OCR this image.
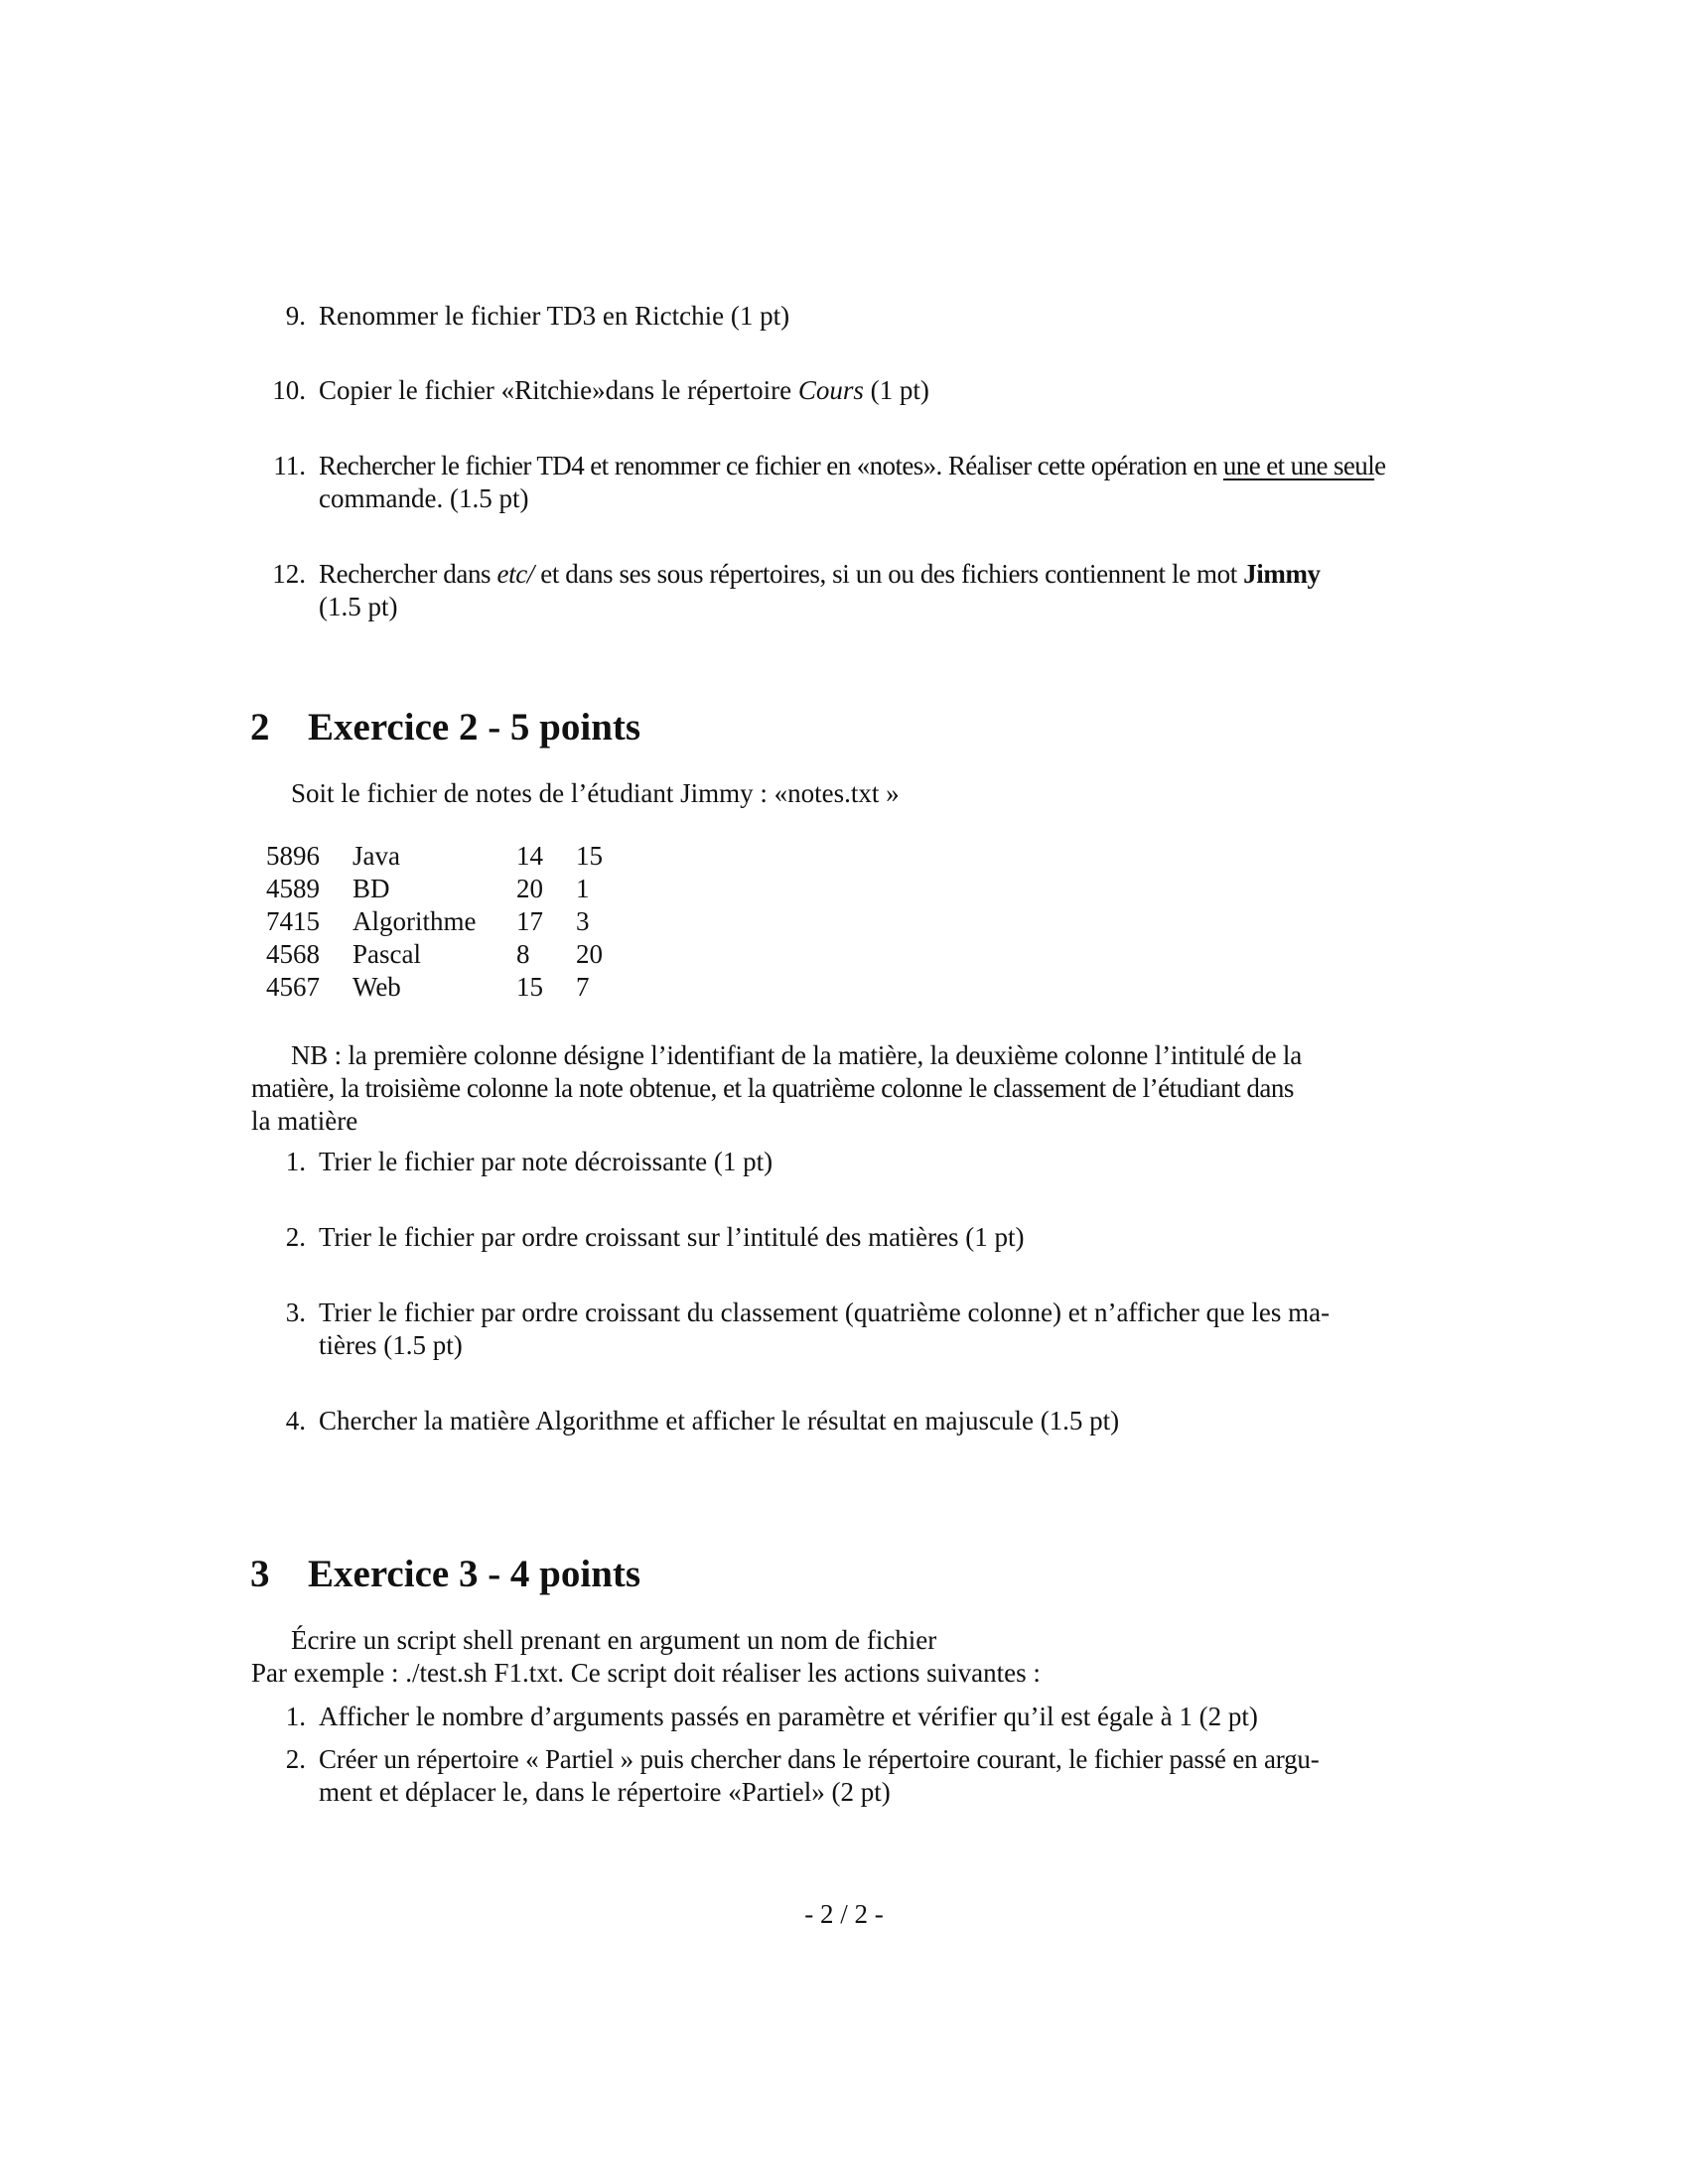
9. Renommer le fichier TD3 en Rictchie (1 pt)
10. Copier le fichier «Ritchie»dans le répertoire Cours (1 pt)
11. Rechercher le fichier TD4 et renommer ce fichier en «notes». Réaliser cette opération en une et une seule
commande. (1.5 pt)
12. Rechercher dans etc/ et dans ses sous répertoires, si un ou des fichiers contiennent le mot Jimmy
(1.5 pt)
2 Exercice 2 - 5 points
Soit le fichier de notes de l’étudiant Jimmy : «notes.txt »
5896 Java	14 15
4589 BD	20 1
7415 Algorithme 17 3
4568 Pascal	8 20
4567 Web	15 7
NB : la première colonne désigne l’identifiant de la matière, la deuxième colonne l’intitulé de la
matière, la troisième colonne la note obtenue, et la quatrième colonne le classement de l’étudiant dans
la matière
1. Trier le fichier par note décroissante (1 pt)
2. Trier le fichier par ordre croissant sur l’intitulé des matières (1 pt)
3. Trier le fichier par ordre croissant du classement (quatrième colonne) et n’afficher que les ma-
tières (1.5 pt)
4. Chercher la matière Algorithme et afficher le résultat en majuscule (1.5 pt)
3 Exercice 3 - 4 points
Écrire un script shell prenant en argument un nom de fichier
Par exemple : ./test.sh F1.txt. Ce script doit réaliser les actions suivantes :
1. Afficher le nombre d’arguments passés en paramètre et vérifier qu’il est égale à 1 (2 pt)
2. Créer un répertoire « Partiel » puis chercher dans le répertoire courant, le fichier passé en argu-
ment et déplacer le, dans le répertoire «Partiel» (2 pt)
- 2 / 2 -
